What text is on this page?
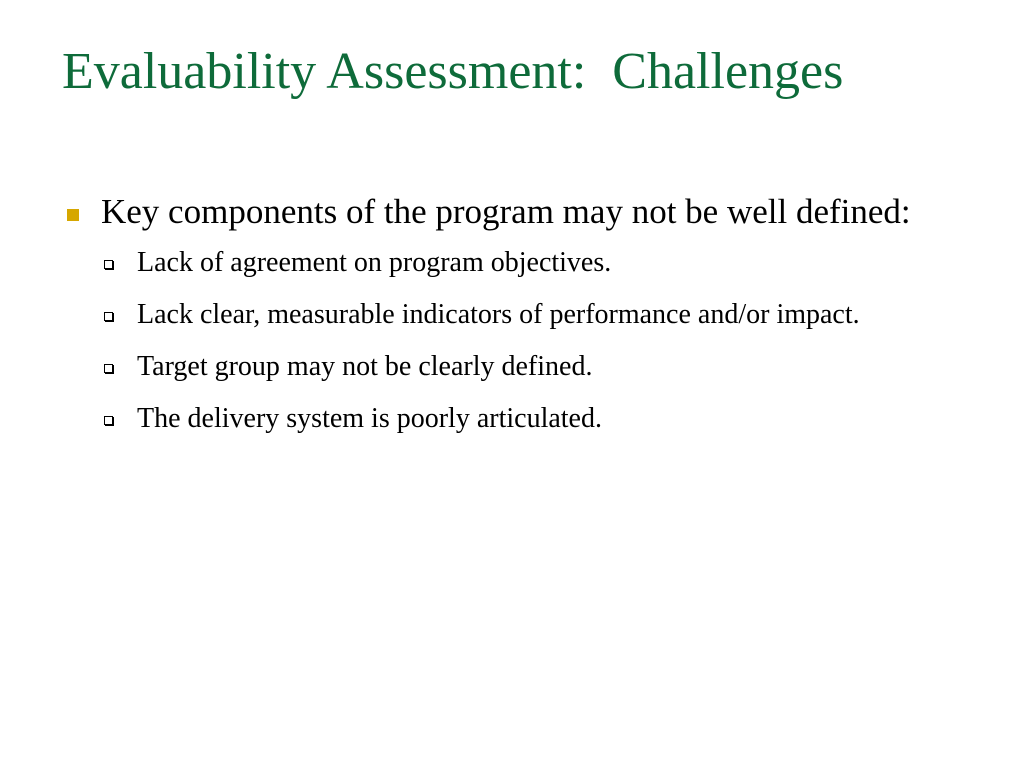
Evaluability Assessment:  Challenges
Key components of the program may not be well defined:
Lack of agreement on program objectives.
Lack clear, measurable indicators of performance and/or impact.
Target group may not be clearly defined.
The delivery system is poorly articulated.
